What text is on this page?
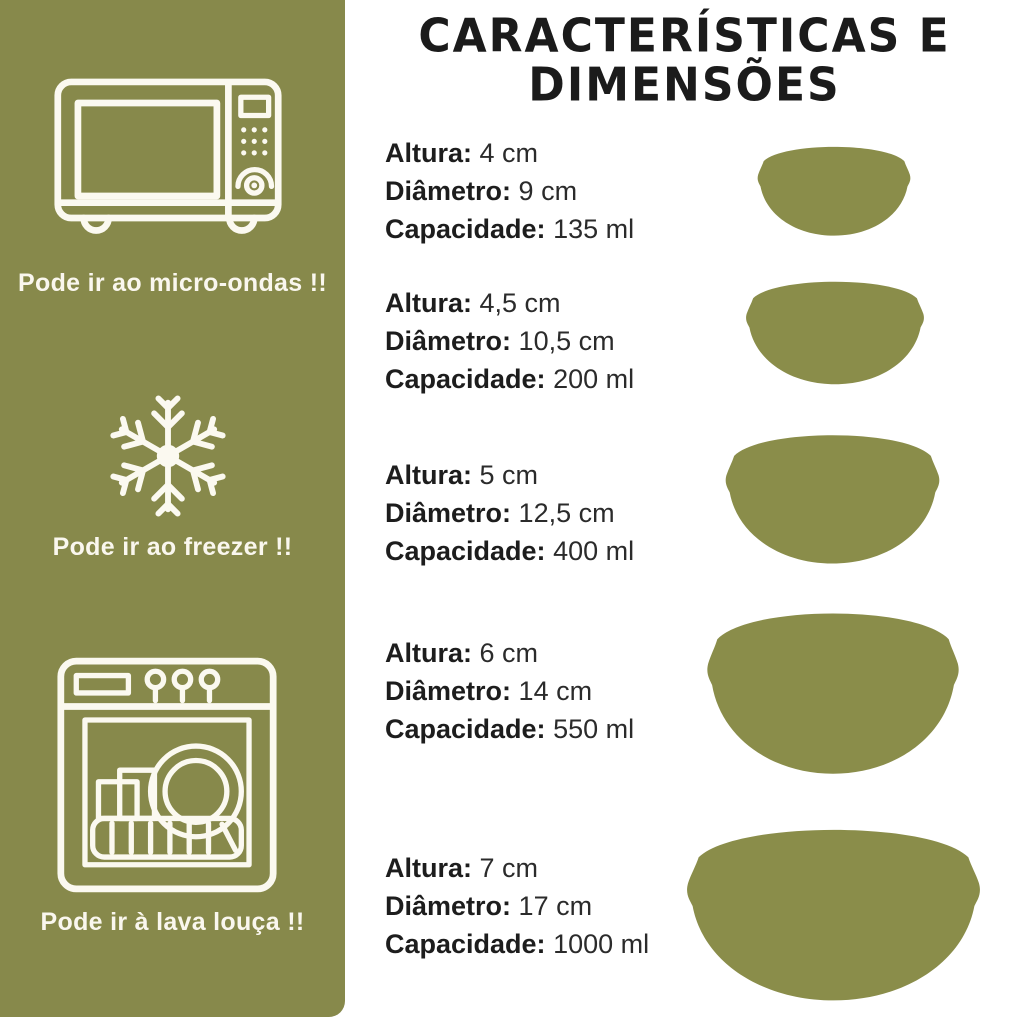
Pode ir ao micro-ondas !!
Pode ir ao freezer !!
Pode ir à lava louça !!
CARACTERÍSTICAS E
DIMENSÕES
Altura: 4 cm
Diâmetro: 9 cm
Capacidade: 135 ml
Altura: 4,5 cm
Diâmetro: 10,5 cm
Capacidade: 200 ml
Altura: 5 cm
Diâmetro: 12,5 cm
Capacidade: 400 ml
Altura: 6 cm
Diâmetro: 14 cm
Capacidade: 550 ml
Altura: 7 cm
Diâmetro: 17 cm
Capacidade: 1000 ml
